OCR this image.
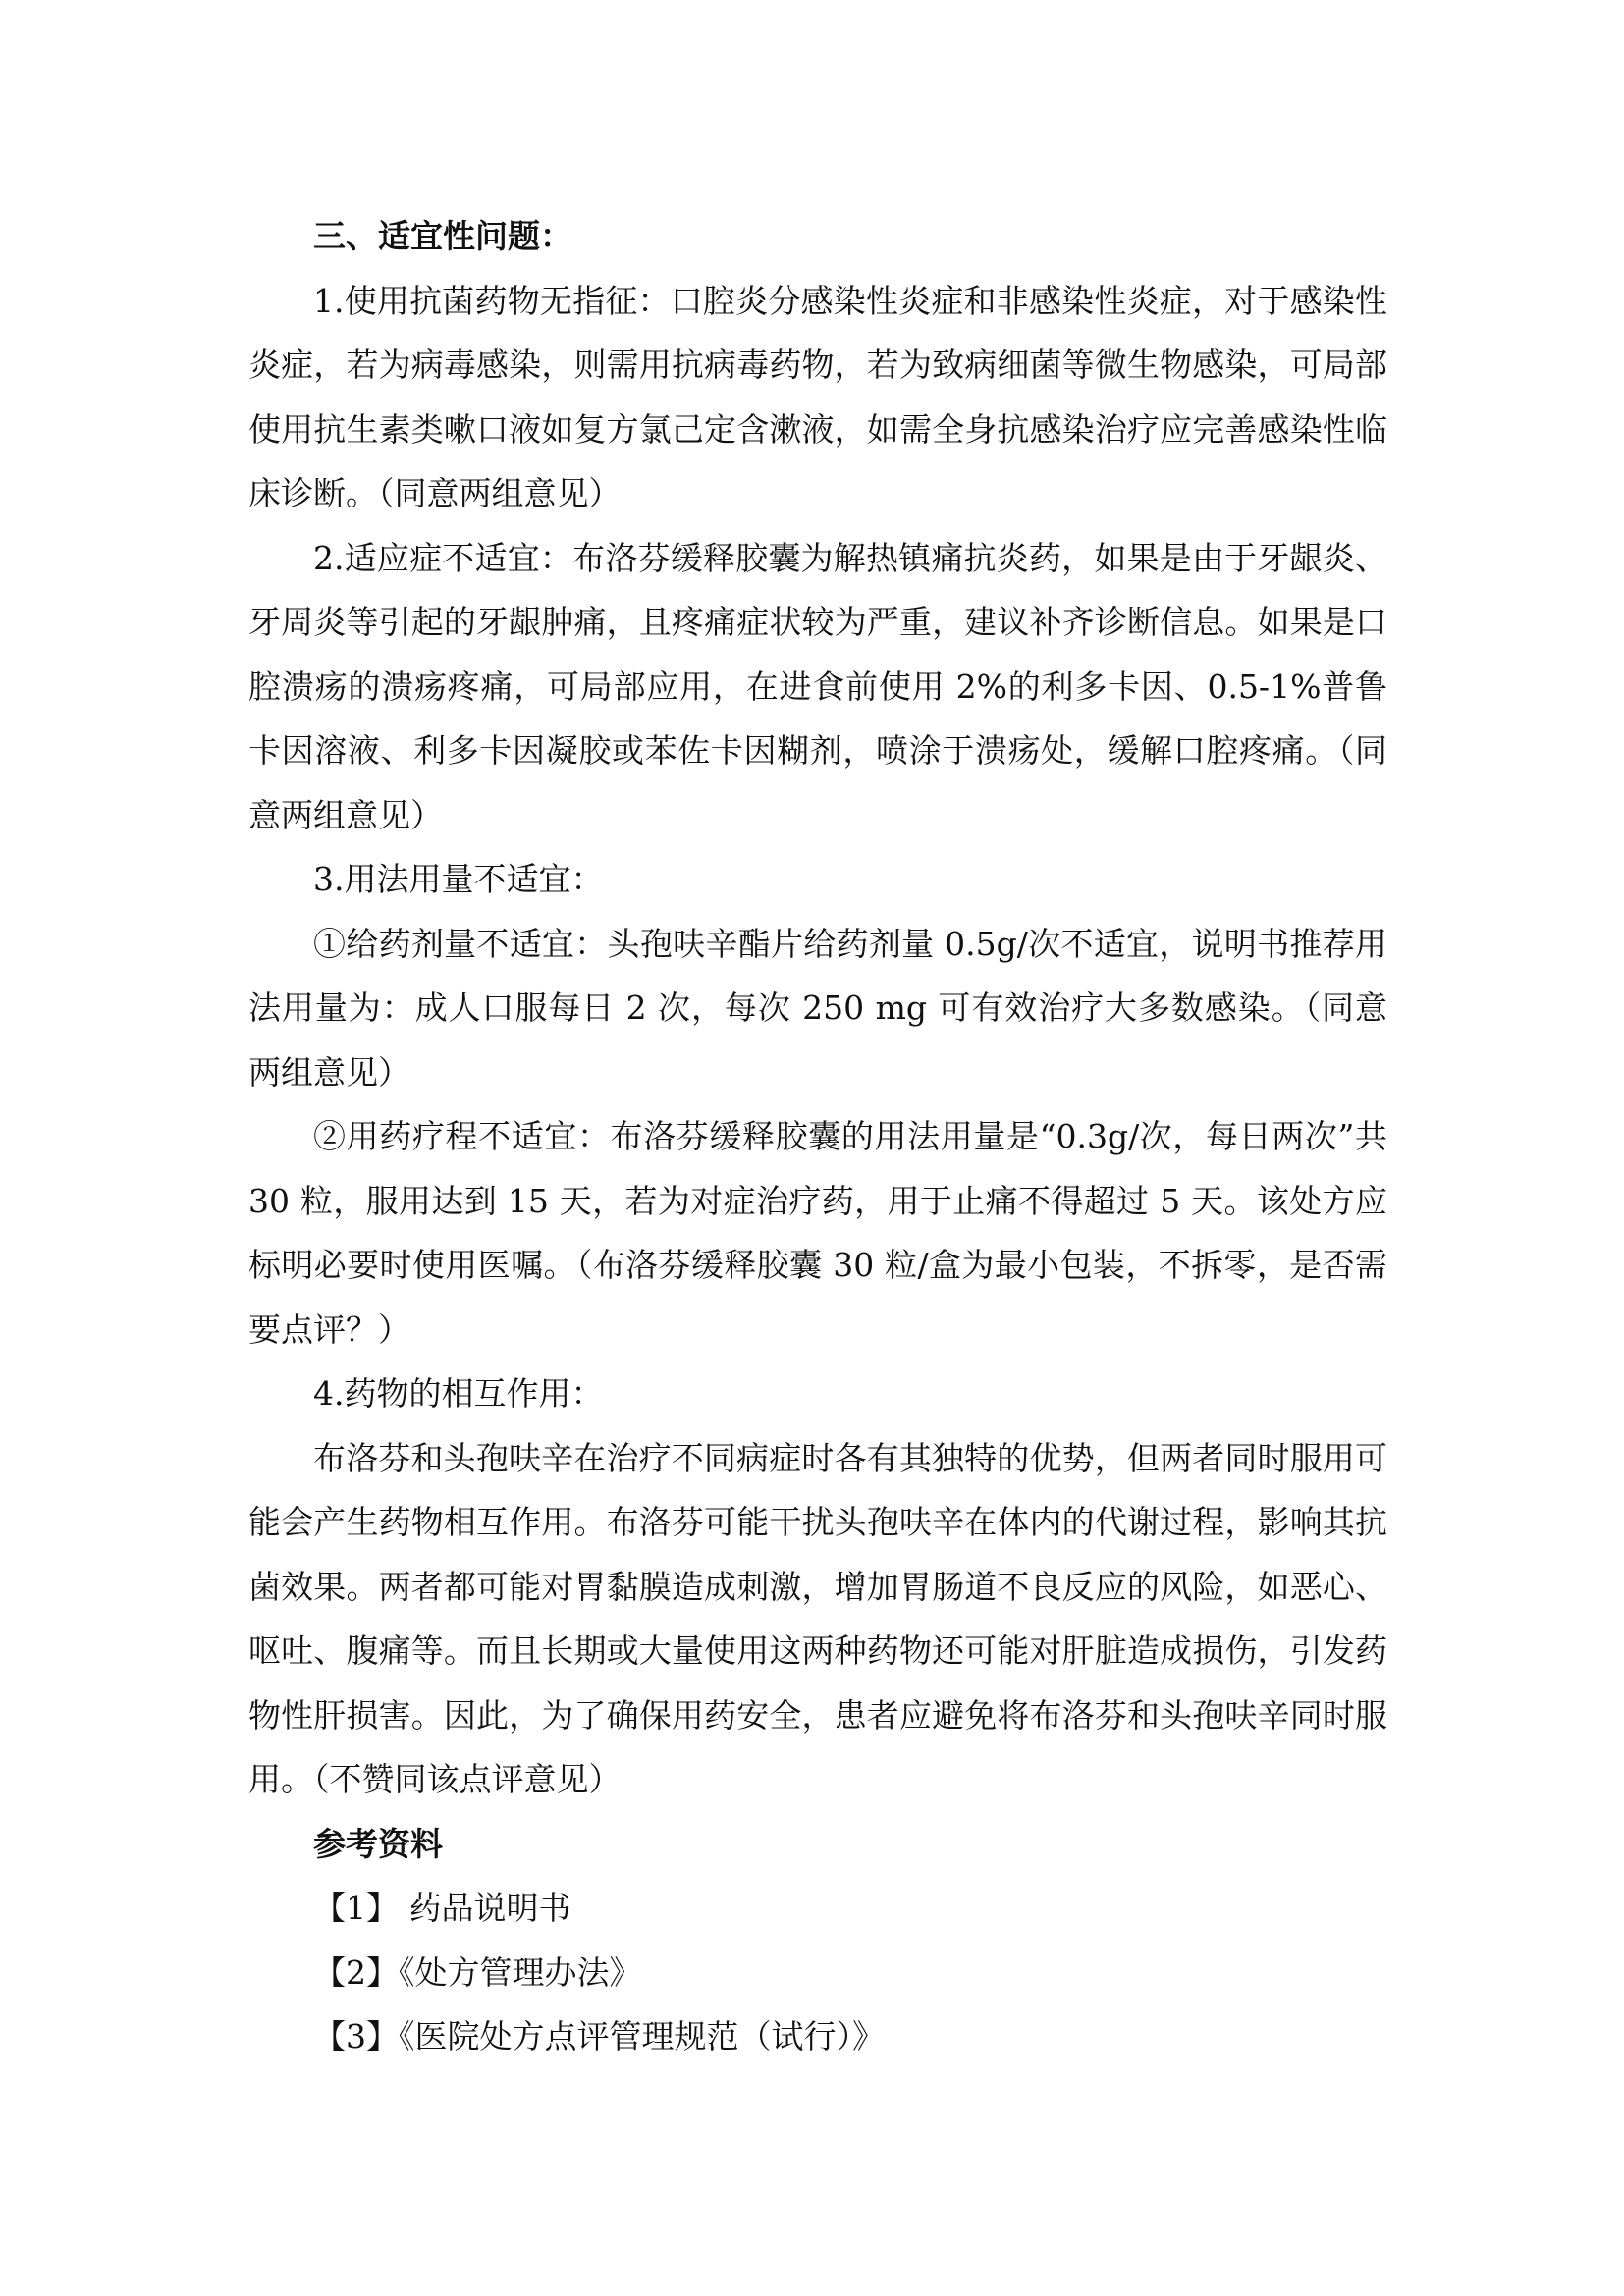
三、适宜性问题：

1.使用抗菌药物无指征：口腔炎分感染性炎症和非感染性炎症，对于感染性炎症，若为病毒感染，则需用抗病毒药物，若为致病细菌等微生物感染，可局部使用抗生素类嗽口液如复方氯己定含漱液，如需全身抗感染治疗应完善感染性临床诊断。（同意两组意见）

2.适应症不适宜：布洛芬缓释胶囊为解热镇痛抗炎药，如果是由于牙龈炎、牙周炎等引起的牙龈肿痛，且疼痛症状较为严重，建议补齐诊断信息。如果是口腔溃疡的溃疡疼痛，可局部应用，在进食前使用 2%的利多卡因、0.5-1%普鲁卡因溶液、利多卡因凝胶或苯佐卡因糊剂，喷涂于溃疡处，缓解口腔疼痛。（同意两组意见）

3.用法用量不适宜：

①给药剂量不适宜：头孢呋辛酯片给药剂量 0.5g/次不适宜，说明书推荐用法用量为：成人口服每日 2 次，每次 250 mg 可有效治疗大多数感染。（同意两组意见）

②用药疗程不适宜：布洛芬缓释胶囊的用法用量是“0.3g/次，每日两次”共 30 粒，服用达到 15 天，若为对症治疗药，用于止痛不得超过 5 天。该处方应标明必要时使用医嘱。（布洛芬缓释胶囊 30 粒/盒为最小包装，不拆零，是否需要点评？）

4.药物的相互作用：

布洛芬和头孢呋辛在治疗不同病症时各有其独特的优势，但两者同时服用可能会产生药物相互作用。布洛芬可能干扰头孢呋辛在体内的代谢过程，影响其抗菌效果。两者都可能对胃黏膜造成刺激，增加胃肠道不良反应的风险，如恶心、呕吐、腹痛等。而且长期或大量使用这两种药物还可能对肝脏造成损伤，引发药物性肝损害。因此，为了确保用药安全，患者应避免将布洛芬和头孢呋辛同时服用。（不赞同该点评意见）

参考资料

【1】 药品说明书

【2】《处方管理办法》

【3】《医院处方点评管理规范（试行）》
